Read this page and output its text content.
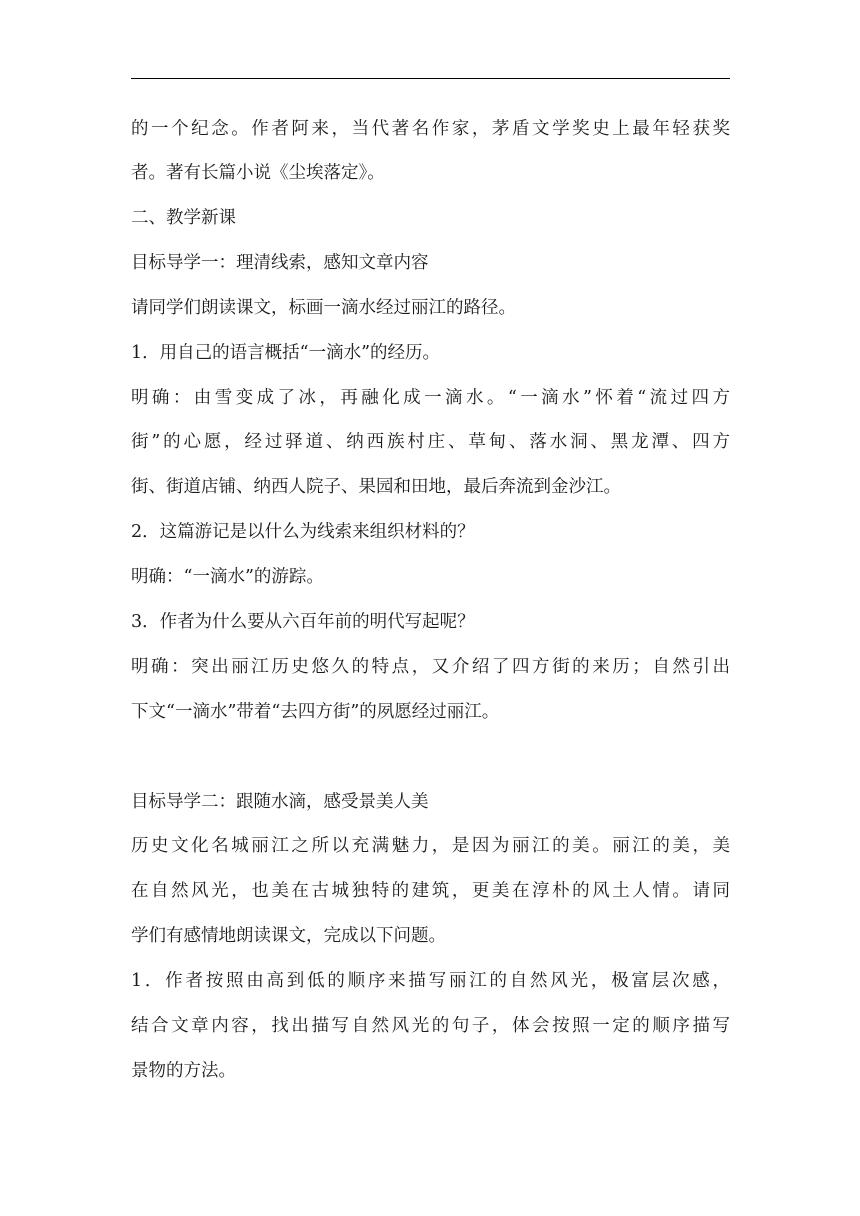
的一个纪念。作者阿来，当代著名作家，茅盾文学奖史上最年轻获奖
者。著有长篇小说《尘埃落定》。
二、教学新课
目标导学一：理清线索，感知文章内容
请同学们朗读课文，标画一滴水经过丽江的路径。
1．用自己的语言概括“一滴水”的经历。
明确：由雪变成了冰，再融化成一滴水。“一滴水”怀着“流过四方
街”的心愿，经过驿道、纳西族村庄、草甸、落水洞、黑龙潭、四方
街、街道店铺、纳西人院子、果园和田地，最后奔流到金沙江。
2．这篇游记是以什么为线索来组织材料的？
明确：“一滴水”的游踪。
3．作者为什么要从六百年前的明代写起呢？
明确：突出丽江历史悠久的特点，又介绍了四方街的来历；自然引出
下文“一滴水”带着“去四方街”的夙愿经过丽江。
目标导学二：跟随水滴，感受景美人美
历史文化名城丽江之所以充满魅力，是因为丽江的美。丽江的美，美
在自然风光，也美在古城独特的建筑，更美在淳朴的风土人情。请同
学们有感情地朗读课文，完成以下问题。
1．作者按照由高到低的顺序来描写丽江的自然风光，极富层次感，
结合文章内容，找出描写自然风光的句子，体会按照一定的顺序描写
景物的方法。
